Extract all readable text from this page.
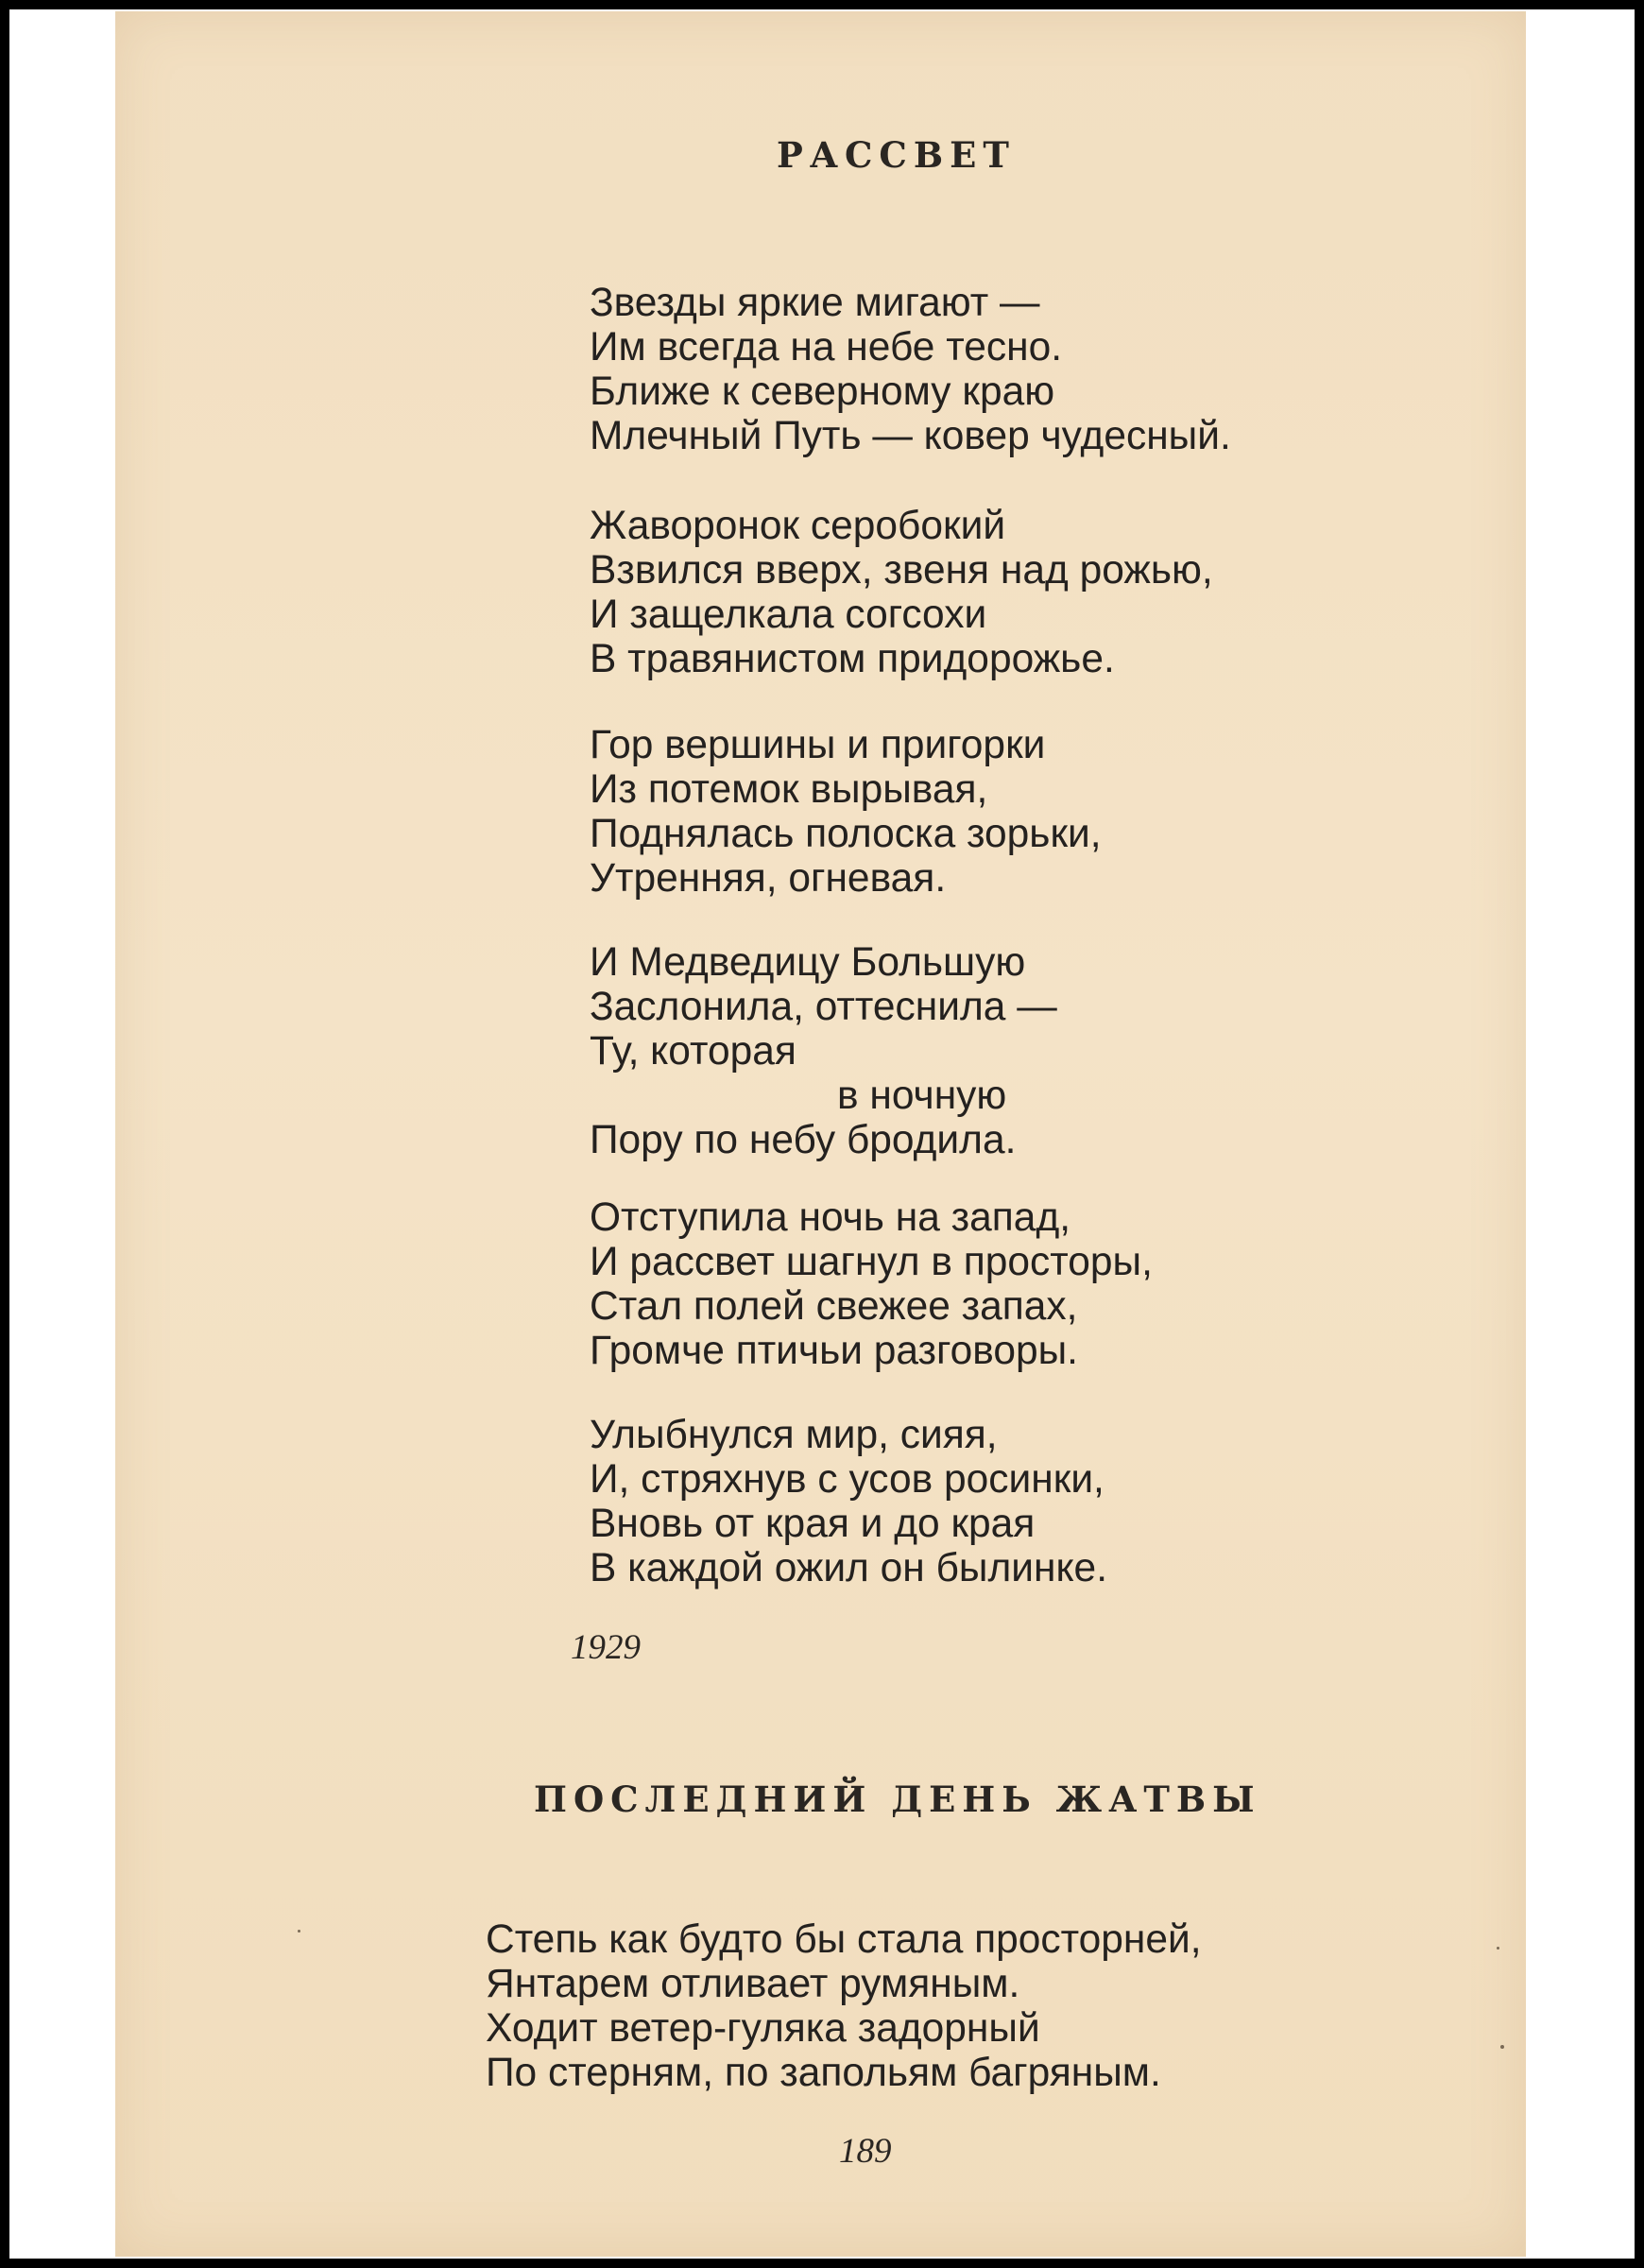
РАССВЕТ
Звезды яркие мигают —
Им всегда на небе тесно.
Ближе к северному краю
Млечный Путь — ковер чудесный.
Жаворонок серобокий
Взвился вверх, звеня над рожью,
И защелкала согсохи
В травянистом придорожье.
Гор вершины и пригорки
Из потемок вырывая,
Поднялась полоска зорьки,
Утренняя, огневая.
И Медведицу Большую
Заслонила, оттеснила —
Ту, которая
в ночную
Пору по небу бродила.
Отступила ночь на запад,
И рассвет шагнул в просторы,
Стал полей свежее запах,
Громче птичьи разговоры.
Улыбнулся мир, сияя,
И, стряхнув с усов росинки,
Вновь от края и до края
В каждой ожил он былинке.
1929
ПОСЛЕДНИЙ ДЕНЬ ЖАТВЫ
Степь как будто бы стала просторней,
Янтарем отливает румяным.
Ходит ветер-гуляка задорный
По стерням, по запольям багряным.
189
